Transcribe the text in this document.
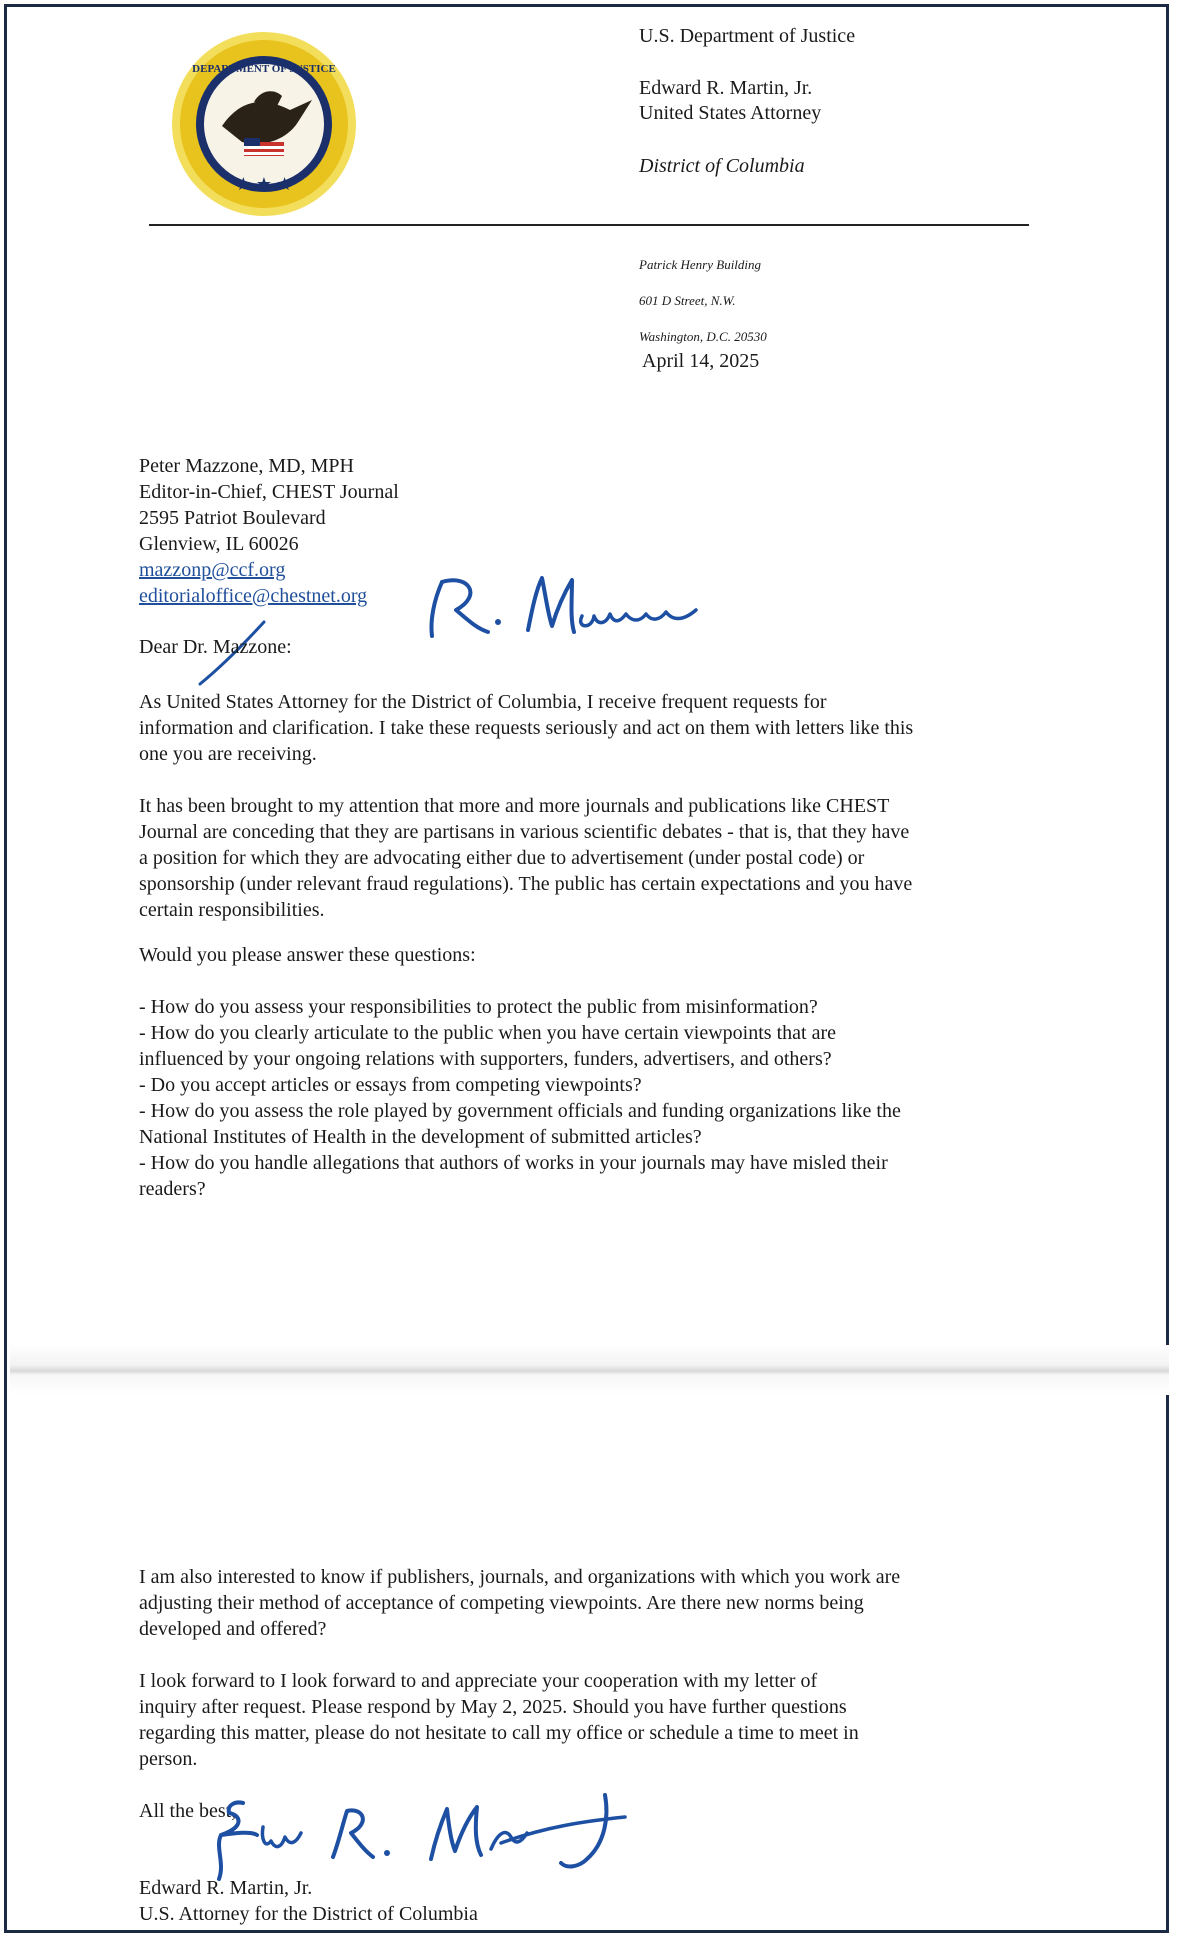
DEPARTMENT OF JUSTICE
★ ★ ★
U.S. Department of Justice
Edward R. Martin, Jr.
United States Attorney
District of Columbia

Patrick Henry Building

601 D Street, N.W.

Washington, D.C. 20530

April 14, 2025
Peter Mazzone, MD, MPH
Editor-in-Chief, CHEST Journal
2595 Patriot Boulevard
Glenview, IL 60026
mazzonp@ccf.org
editorialoffice@chestnet.org
Dear Dr. Mazzone:
As United States Attorney for the District of Columbia, I receive frequent requests for
information and clarification. I take these requests seriously and act on them with letters like this
one you are receiving.
It has been brought to my attention that more and more journals and publications like CHEST
Journal are conceding that they are partisans in various scientific debates - that is, that they have
a position for which they are advocating either due to advertisement (under postal code) or
sponsorship (under relevant fraud regulations). The public has certain expectations and you have
certain responsibilities.
Would you please answer these questions:
- How do you assess your responsibilities to protect the public from misinformation?
- How do you clearly articulate to the public when you have certain viewpoints that are
influenced by your ongoing relations with supporters, funders, advertisers, and others?
- Do you accept articles or essays from competing viewpoints?
- How do you assess the role played by government officials and funding organizations like the
National Institutes of Health in the development of submitted articles?
- How do you handle allegations that authors of works in your journals may have misled their
readers?
I am also interested to know if publishers, journals, and organizations with which you work are
adjusting their method of acceptance of competing viewpoints. Are there new norms being
developed and offered?
I look forward to I look forward to and appreciate your cooperation with my letter of
inquiry after request. Please respond by May 2, 2025. Should you have further questions
regarding this matter, please do not hesitate to call my office or schedule a time to meet in
person.
All the best,
Edward R. Martin, Jr.
U.S. Attorney for the District of Columbia
